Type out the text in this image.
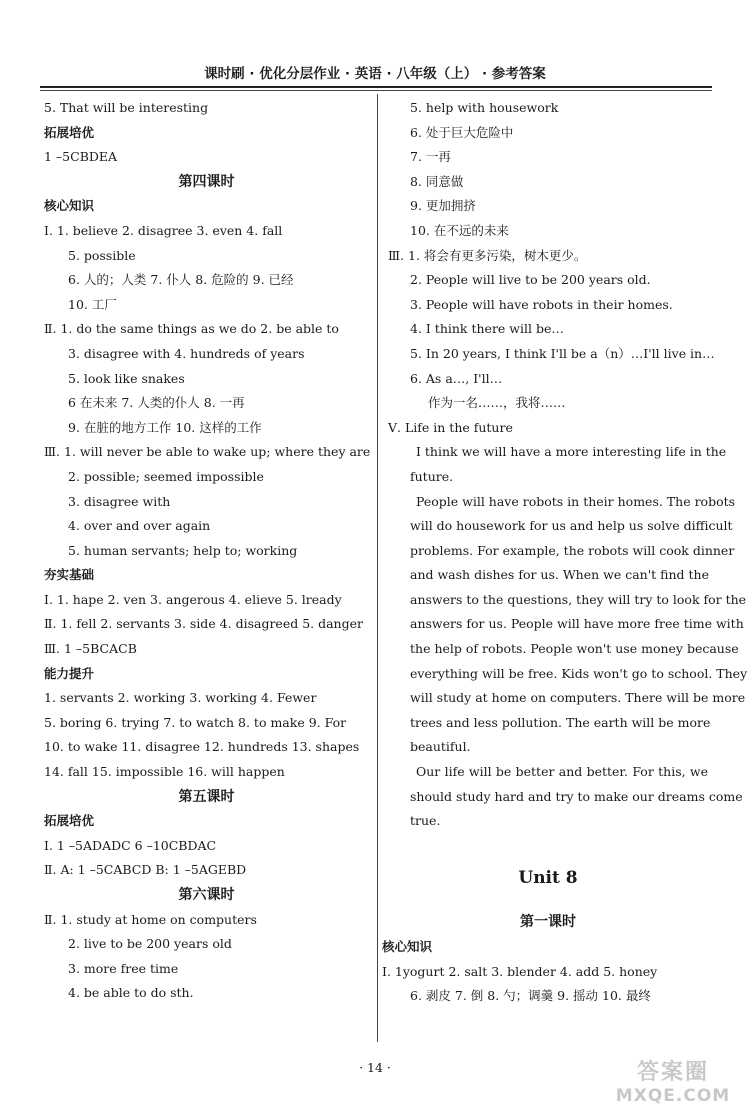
课时刷 · 优化分层作业 · 英语 · 八年级（上） · 参考答案
5. That will be interesting
拓展培优
1 –5CBDEA
第四课时
核心知识
Ⅰ. 1. believe 2. disagree 3. even 4. fall
5. possible
6. 人的；人类 7. 仆人 8. 危险的 9. 已经
10. 工厂
Ⅱ. 1. do the same things as we do 2. be able to
3. disagree with 4. hundreds of years
5. look like snakes
6 在未来 7. 人类的仆人 8. 一再
9. 在脏的地方工作 10. 这样的工作
Ⅲ. 1. will never be able to wake up; where they are
2. possible; seemed impossible
3. disagree with
4. over and over again
5. human servants; help to; working
夯实基础
Ⅰ. 1. hape 2. ven 3. angerous 4. elieve 5. lready
Ⅱ. 1. fell 2. servants 3. side 4. disagreed 5. danger
Ⅲ. 1 –5BCACB
能力提升
1. servants 2. working 3. working 4. Fewer
5. boring 6. trying 7. to watch 8. to make 9. For
10. to wake 11. disagree 12. hundreds 13. shapes
14. fall 15. impossible 16. will happen
第五课时
拓展培优
Ⅰ. 1 –5ADADC 6 –10CBDAC
Ⅱ. A: 1 –5CABCD B: 1 –5AGEBD
第六课时
Ⅱ. 1. study at home on computers
2. live to be 200 years old
3. more free time
4. be able to do sth.
5. help with housework
6. 处于巨大危险中
7. 一再
8. 同意做
9. 更加拥挤
10. 在不远的未来
Ⅲ. 1. 将会有更多污染，树木更少。
2. People will live to be 200 years old.
3. People will have robots in their homes.
4. I think there will be…
5. In 20 years, I think I'll be a（n）…I'll live in…
6. As a…, I'll…
作为一名……，我将……
Ⅴ. Life in the future
I think we will have a more interesting life in the
future.
People will have robots in their homes. The robots
will do housework for us and help us solve difficult
problems. For example, the robots will cook dinner
and wash dishes for us. When we can't find the
answers to the questions, they will try to look for the
answers for us. People will have more free time with
the help of robots. People won't use money because
everything will be free. Kids won't go to school. They
will study at home on computers. There will be more
trees and less pollution. The earth will be more
beautiful.
Our life will be better and better. For this, we
should study hard and try to make our dreams come
true.
Unit 8
第一课时
核心知识
Ⅰ. 1yogurt 2. salt 3. blender 4. add 5. honey
6. 剥皮 7. 倒 8. 勺；调羹 9. 摇动 10. 最终
· 14 ·	答案圈
MXQE.COM
